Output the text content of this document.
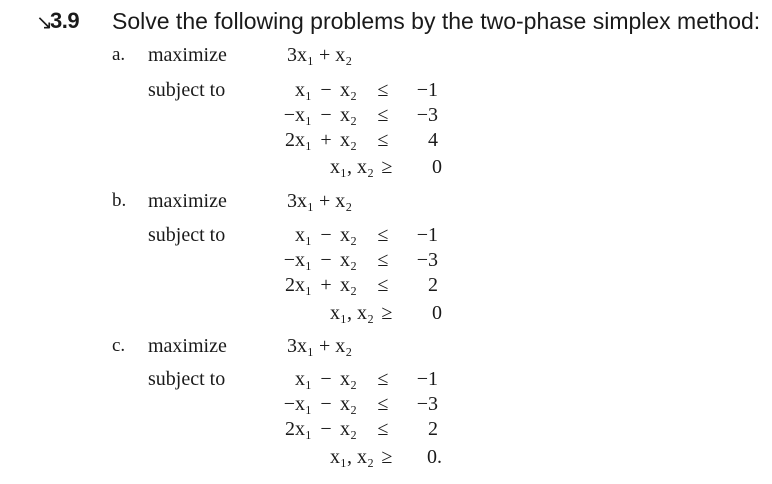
↘
3.9 Solve the following problems by the two-phase simplex method:
a. maximize	3x₁ + x₂
subject to	x₁ − x₂ ≤ −1
−x₁ − x₂ ≤ −3
2x₁ + x₂ ≤ 4
x₁, x₂ ≥ 0
b. maximize	3x₁ + x₂
subject to	x₁ − x₂ ≤ −1
−x₁ − x₂ ≤ −3
2x₁ + x₂ ≤ 2
x₁, x₂ ≥ 0
c. maximize	3x₁ + x₂
subject to	x₁ − x₂ ≤ −1
−x₁ − x₂ ≤ −3
2x₁ − x₂ ≤ 2
x₁, x₂ ≥ 0.
